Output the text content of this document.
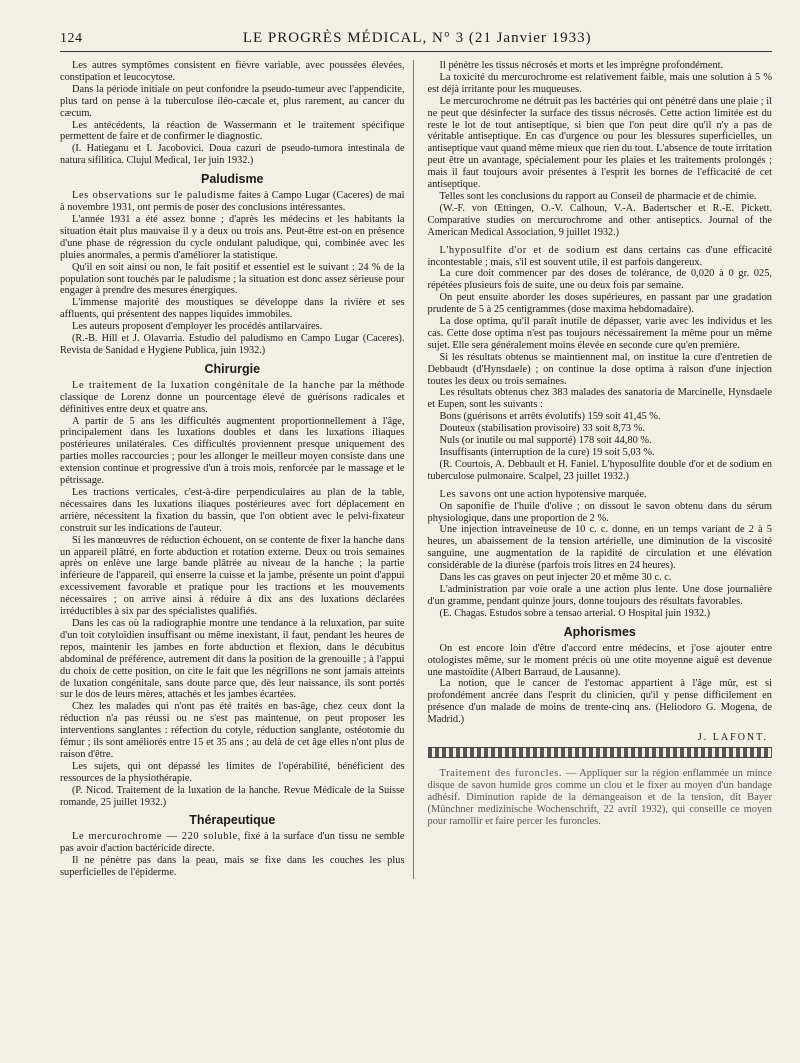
124	LE PROGRÈS MÉDICAL, N° 3 (21 Janvier 1933)

Les autres symptômes consistent en fièvre variable, avec poussées élevées, constipation et leucocytose.

Dans la période initiale on peut confondre la pseudo-tumeur avec l'appendicite, plus tard on pense à la tuberculose iléo-cæcale et, plus rarement, au cancer du cæcum.

Les antécédents, la réaction de Wassermann et le traitement spécifique permettent de faire et de confirmer le diagnostic.

(I. Hatieganu et I. Jacobovici. Doua cazuri de pseudo-tumora intestinala de natura sifilitica. Clujul Medical, 1er juin 1932.)

Paludisme

Les observations sur le paludisme faites à Campo Lugar (Caceres) de mai à novembre 1931, ont permis de poser des conclusions intéressantes.

L'année 1931 a été assez bonne ; d'après les médecins et les habitants la situation était plus mauvaise il y a deux ou trois ans. Peut-être est-on en présence d'une phase de régression du cycle ondulant paludique, qui, combinée avec les pluies anormales, a permis d'améliorer la statistique.

Qu'il en soit ainsi ou non, le fait positif et essentiel est le suivant : 24 % de la population sont touchés par le paludisme ; la situation est donc assez sérieuse pour engager à prendre des mesures énergiques.

L'immense majorité des moustiques se développe dans la rivière et ses affluents, qui présentent des nappes liquides immobiles.

Les auteurs proposent d'employer les procédés antilarvaires.

(R.-B. Hill et J. Olavarria. Estudio del paludismo en Campo Lugar (Caceres). Revista de Sanidad e Hygiene Publica, juin 1932.)

Chirurgie

Le traitement de la luxation congénitale de la hanche par la méthode classique de Lorenz donne un pourcentage élevé de guérisons radicales et définitives entre deux et quatre ans.

A partir de 5 ans les difficultés augmentent proportionnellement à l'âge, principalement dans les luxations doubles et dans les luxations iliaques postérieures unilatérales. Ces difficultés proviennent presque uniquement des parties molles raccourcies ; pour les allonger le meilleur moyen consiste dans une extension continue et progressive d'un à trois mois, renforcée par le massage et le pétrissage.

Les tractions verticales, c'est-à-dire perpendiculaires au plan de la table, nécessaires dans les luxations iliaques postérieures avec fort déplacement en arrière, nécessitent la fixation du bassin, que l'on obtient avec le pelvi-fixateur construit sur les indications de l'auteur.

Si les manœuvres de réduction échouent, on se contente de fixer la hanche dans un appareil plâtré, en forte abduction et rotation externe. Deux ou trois semaines après on enlève une large bande plâtrée au niveau de la hanche ; la partie inférieure de l'appareil, qui enserre la cuisse et la jambe, présente un point d'appui excessivement favorable et pratique pour les tractions et les mouvements nécessaires ; on arrive ainsi à réduire à dix ans des luxations déclarées irréductibles à six par des spécialistes qualifiés.

Dans les cas où la radiographie montre une tendance à la reluxation, par suite d'un toit cotyloïdien insuffisant ou même inexistant, il faut, pendant les heures de repos, maintenir les jambes en forte abduction et flexion, dans le décubitus abdominal de préférence, autrement dit dans la position de la grenouille ; à l'appui du choix de cette position, on cite le fait que les négrillons ne sont jamais atteints de luxation congénitale, sans doute parce que, dès leur naissance, ils sont portés sur le dos de leurs mères, attachés et les jambes écartées.

Chez les malades qui n'ont pas été traités en bas-âge, chez ceux dont la réduction n'a pas réussi ou ne s'est pas maintenue, on peut proposer les interventions sanglantes : réfection du cotyle, réduction sanglante, ostéotomie du fémur ; ils sont améliorés entre 15 et 35 ans ; au delà de cet âge elles n'ont plus de raison d'être.

Les sujets, qui ont dépassé les limites de l'opérabilité, bénéficient des ressources de la physiothérapie.

(P. Nicod. Traitement de la luxation de la hanche. Revue Médicale de la Suisse romande, 25 juillet 1932.)

Thérapeutique

Le mercurochrome — 220 soluble, fixé à la surface d'un tissu ne semble pas avoir d'action bactéricide directe.

Il ne pénètre pas dans la peau, mais se fixe dans les couches les plus superficielles de l'épiderme.

Il pénètre les tissus nécrosés et morts et les imprègne profondément.

La toxicité du mercurochrome est relativement faible, mais une solution à 5 % est déjà irritante pour les muqueuses.

Le mercurochrome ne détruit pas les bactéries qui ont pénétré dans une plaie ; il ne peut que désinfecter la surface des tissus nécrosés. Cette action limitée est du reste le lot de tout antiseptique, si bien que l'on peut dire qu'il n'y a pas de véritable antiseptique. En cas d'urgence ou pour les blessures superficielles, un antiseptique vaut quand même mieux que rien du tout. L'absence de toute irritation peut être un avantage, spécialement pour les plaies et les traitements prolongés ; mais il faut toujours avoir présentes à l'esprit les bornes de l'efficacité de cet antiseptique.

Telles sont les conclusions du rapport au Conseil de pharmacie et de chimie.

(W.-F. von Œttingen, O.-V. Calhoun, V.-A. Badertscher et R.-E. Pickett. Comparative studies on mercurochrome and other antiseptics. Journal of the American Medical Association, 9 juillet 1932.)

L'hyposulfite d'or et de sodium est dans certains cas d'une efficacité incontestable ; mais, s'il est souvent utile, il est parfois dangereux.

La cure doit commencer par des doses de tolérance, de 0,020 à 0 gr. 025, répétées plusieurs fois de suite, une ou deux fois par semaine.

On peut ensuite aborder les doses supérieures, en passant par une gradation prudente de 5 à 25 centigrammes (dose maxima hebdomadaire).

La dose optima, qu'il paraît inutile de dépasser, varie avec les individus et les cas. Cette dose optima n'est pas toujours nécessairement la même pour un même sujet. Elle sera généralement moins élevée en seconde cure qu'en première.

Si les résultats obtenus se maintiennent mal, on institue la cure d'entretien de Debbaudt (d'Hynsdaele) ; on continue la dose optima à raison d'une injection toutes les deux ou trois semaines.

Les résultats obtenus chez 383 malades des sanatoria de Marcinelle, Hynsdaele et Eupen, sont les suivants :

Bons (guérisons et arrêts évolutifs) 159 soit 41,45 %.
Douteux (stabilisation provisoire) 33 soit 8,73 %.
Nuls (or inutile ou mal supporté) 178 soit 44,80 %.
Insuffisants (interruption de la cure) 19 soit 5,03 %.

(R. Courtois, A. Debbault et H. Faniel. L'hyposulfite double d'or et de sodium en tuberculose pulmonaire. Scalpel, 23 juillet 1932.)

Les savons ont une action hypotensive marquée.

On saponifie de l'huile d'olive ; on dissout le savon obtenu dans du sérum physiologique, dans une proportion de 2 %.

Une injection intraveineuse de 10 c. c. donne, en un temps variant de 2 à 5 heures, un abaissement de la tension artérielle, une diminution de la viscosité sanguine, une augmentation de la rapidité de circulation et une élévation considérable de la diurèse (parfois trois litres en 24 heures).

Dans les cas graves on peut injecter 20 et même 30 c. c.

L'administration par voie orale a une action plus lente. Une dose journalière d'un gramme, pendant quinze jours, donne toujours des résultats favorables.

(E. Chagas. Estudos sobre a tensao arterial. O Hospital juin 1932.)

Aphorismes

On est encore loin d'être d'accord entre médecins, et j'ose ajouter entre otologistes même, sur le moment précis où une otite moyenne aiguë est devenue une mastoïdite (Albert Barraud, de Lausanne).

La notion, que le cancer de l'estomac appartient à l'âge mûr, est si profondément ancrée dans l'esprit du clinicien, qu'il y pense difficilement en présence d'un malade de moins de trente-cinq ans. (Heliodoro G. Mogena, de Madrid.)

J. LAFONT.

Traitement des furoncles. — Appliquer sur la région enflammée un mince disque de savon humide gros comme un clou et le fixer au moyen d'un bandage adhésif. Diminution rapide de la démangeaison et de la tension, dit Bayer (Münchner medizinische Wochenschrift, 22 avril 1932), qui conseille ce moyen pour ramollir et faire percer les furoncles.
